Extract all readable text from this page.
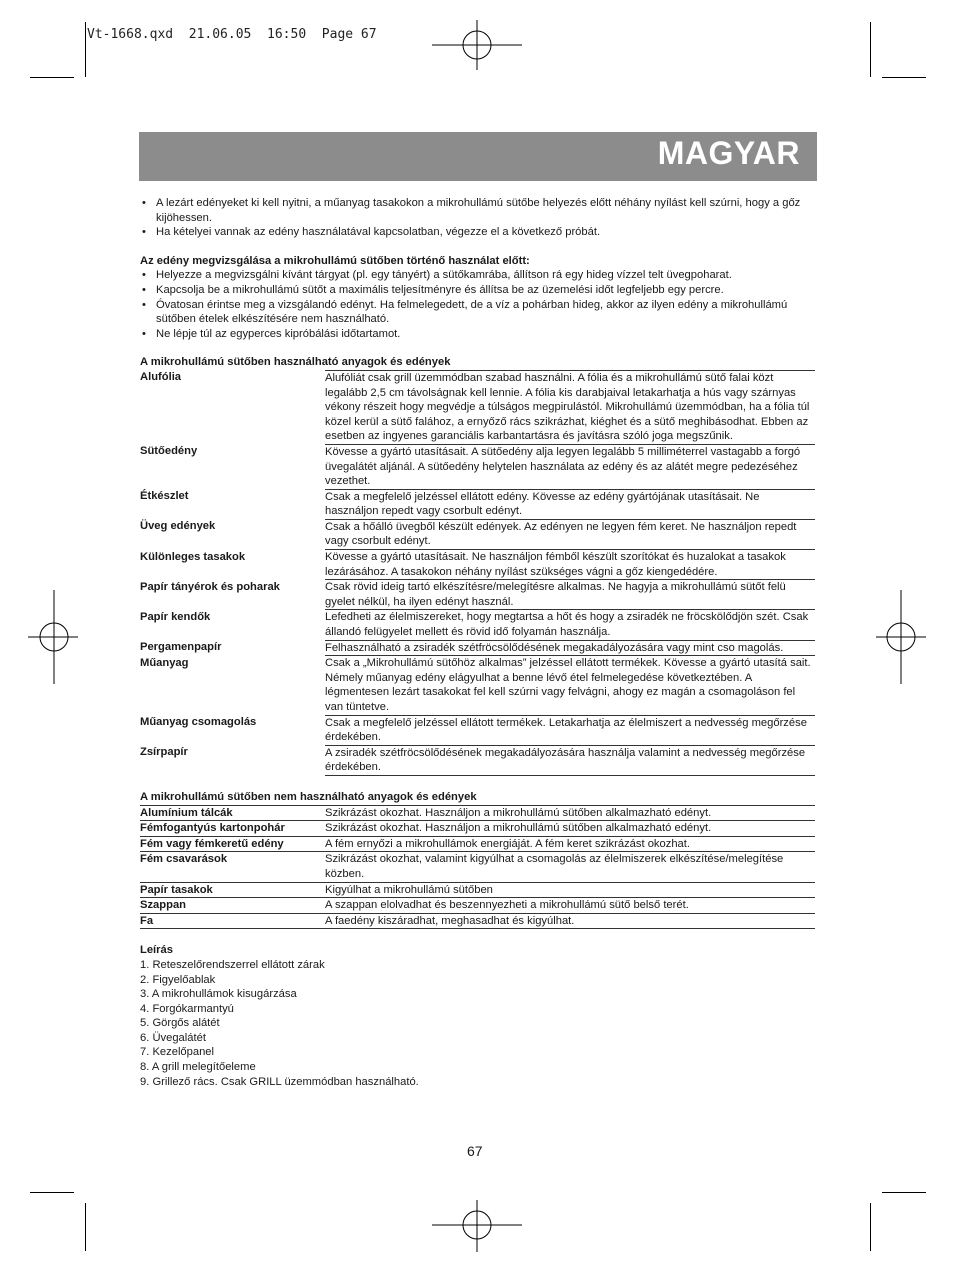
Vt-1668.qxd  21.06.05  16:50  Page 67
MAGYAR
• A lezárt edényeket ki kell nyitni, a műanyag tasakokon a mikrohullámú sütőbe helyezés előtt néhány nyílást kell szúrni, hogy a gőz kijöhessen.
• Ha kételyei vannak az edény használatával kapcsolatban, végezze el a következő próbát.
Az edény megvizsgálása a mikrohullámú sütőben történő használat előtt:
• Helyezze a megvizsgálni kívánt tárgyat (pl. egy tányért) a sütőkamrába, állítson rá egy hideg vízzel telt üvegpoharat.
• Kapcsolja be a mikrohullámú sütőt a maximális teljesítményre és állítsa be az üzemelési időt legfeljebb egy percre.
• Óvatosan érintse meg a vizsgálandó edényt. Ha felmelegedett, de a víz a pohárban hideg, akkor az ilyen edény a mikrohullámú sütőben ételek elkészítésére nem használható.
• Ne lépje túl az egyperces kipróbálási időtartamot.
A mikrohullámú sütőben használható anyagok és edények
Alufólia	Alufóliát csak grill üzemmódban szabad használni. A fólia és a mikrohullámú sütő falai közt legalább 2,5 cm távolságnak kell lennie. A fólia kis darabjaival letakarhatja a hús vagy szárnyas vékony részeit hogy megvédje a túlságos megpirulástól. Mikrohullámú üzemmódban, ha a fólia túl közel kerül a sütő falához, a ernyőző rács szikrázhat, kiéghet és a sütő meghibásodhat. Ebben az esetben az ingyenes garanciális karbantartásra és javításra szóló joga megszűnik.
Sütőedény	Kövesse a gyártó utasításait. A sütőedény alja legyen legalább 5 milliméterrel vastagabb a forgó üvegalátét aljánál. A sütőedény helytelen használata az edény és az alátét megre pedezéséhez vezethet.
Étkészlet	Csak a megfelelő jelzéssel ellátott edény. Kövesse az edény gyártójának utasításait. Ne használjon repedt vagy csorbult edényt.
Üveg edények	Csak a hőálló üvegből készült edények. Az edényen ne legyen fém keret. Ne használjon repedt vagy csorbult edényt.
Különleges tasakok	Kövesse a gyártó utasításait. Ne használjon fémből készült szorítókat és huzalokat a tasakok lezárásához. A tasakokon néhány nyílást szükséges vágni a gőz kiengedédére.
Papír tányérok és poharak	Csak rövid ideig tartó elkészítésre/melegítésre alkalmas. Ne hagyja a mikrohullámú sütőt felü gyelet nélkül, ha ilyen edényt használ.
Papír kendők	Lefedheti az élelmiszereket, hogy megtartsa a hőt és hogy a zsiradék ne fröcskölődjön szét. Csak állandó felügyelet mellett és rövid idő folyamán használja.
Pergamenpapír	Felhasználható a zsiradék szétfröcsölődésének megakadályozására vagy mint cso magolás.
Műanyag	Csak a „Mikrohullámú sütőhöz alkalmas” jelzéssel ellátott termékek. Kövesse a gyártó utasítá sait. Némely műanyag edény elágyulhat a benne lévő étel felmelegedése következtében. A légmentesen lezárt tasakokat fel kell szúrni vagy felvágni, ahogy ez magán a csomagoláson fel van tüntetve.
Műanyag csomagolás	Csak a megfelelő jelzéssel ellátott termékek. Letakarhatja az élelmiszert a nedvesség megőrzése érdekében.
Zsírpapír	A zsiradék szétfröcsölődésének megakadályozására használja valamint a nedvesség megőrzése érdekében.
A mikrohullámú sütőben nem használható anyagok és edények
Alumínium tálcák	Szikrázást okozhat. Használjon a mikrohullámú sütőben alkalmazható edényt.
Fémfogantyús kartonpohár	Szikrázást okozhat. Használjon a mikrohullámú sütőben alkalmazható edényt.
Fém vagy fémkeretű edény	A fém ernyőzi a mikrohullámok energiáját. A fém keret szikrázást okozhat.
Fém csavarások	Szikrázást okozhat, valamint kigyúlhat a csomagolás az élelmiszerek elkészítése/melegítése közben.
Papír tasakok	Kigyúlhat a mikrohullámú sütőben
Szappan	A szappan elolvadhat és beszennyezheti a mikrohullámú sütő belső terét.
Fa	A faedény kiszáradhat, meghasadhat és kigyúlhat.
Leírás
1. Reteszelőrendszerrel ellátott zárak
2. Figyelőablak
3. A mikrohullámok kisugárzása
4. Forgókarmantyú
5. Görgős alátét
6. Üvegalátét
7. Kezelőpanel
8. A grill melegítőeleme
9. Grillező rács. Csak GRILL üzemmódban használható.
67
